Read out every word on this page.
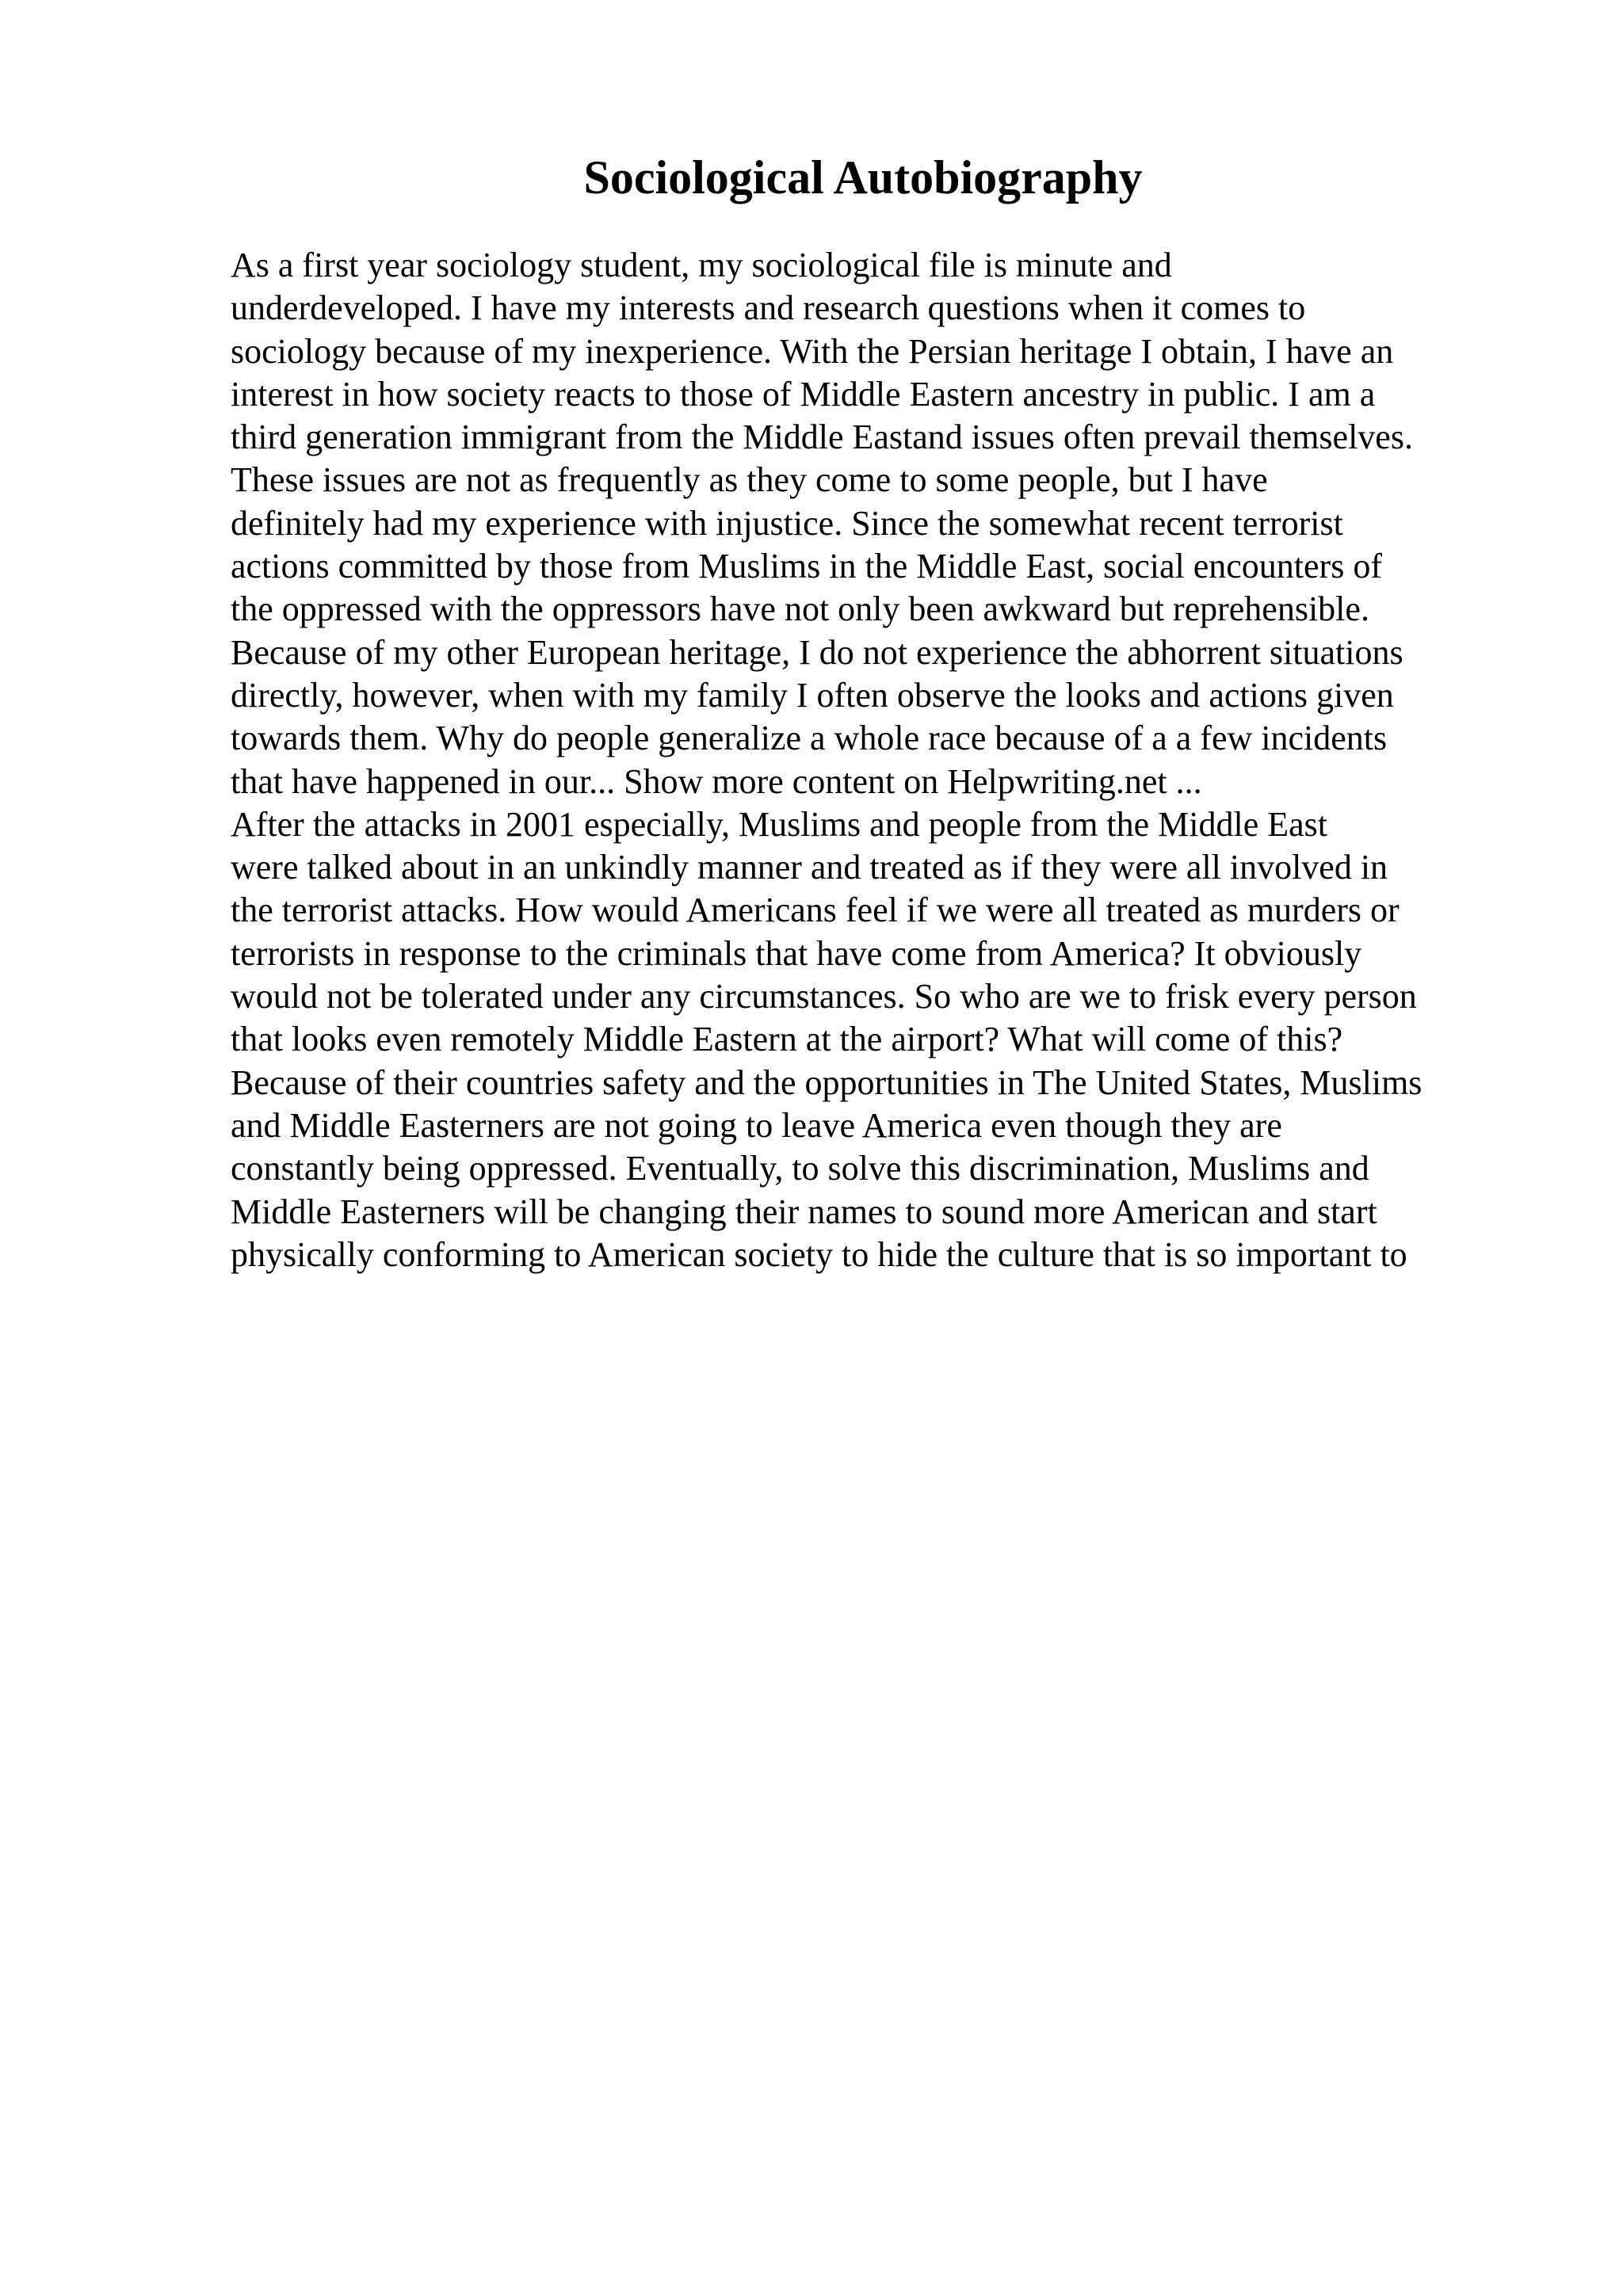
Sociological Autobiography
As a first year sociology student, my sociological file is minute and
underdeveloped. I have my interests and research questions when it comes to
sociology because of my inexperience. With the Persian heritage I obtain, I have an
interest in how society reacts to those of Middle Eastern ancestry in public. I am a
third generation immigrant from the Middle Eastand issues often prevail themselves.
These issues are not as frequently as they come to some people, but I have
definitely had my experience with injustice. Since the somewhat recent terrorist
actions committed by those from Muslims in the Middle East, social encounters of
the oppressed with the oppressors have not only been awkward but reprehensible.
Because of my other European heritage, I do not experience the abhorrent situations
directly, however, when with my family I often observe the looks and actions given
towards them. Why do people generalize a whole race because of a a few incidents
that have happened in our... Show more content on Helpwriting.net ...
After the attacks in 2001 especially, Muslims and people from the Middle East
were talked about in an unkindly manner and treated as if they were all involved in
the terrorist attacks. How would Americans feel if we were all treated as murders or
terrorists in response to the criminals that have come from America? It obviously
would not be tolerated under any circumstances. So who are we to frisk every person
that looks even remotely Middle Eastern at the airport? What will come of this?
Because of their countries safety and the opportunities in The United States, Muslims
and Middle Easterners are not going to leave America even though they are
constantly being oppressed. Eventually, to solve this discrimination, Muslims and
Middle Easterners will be changing their names to sound more American and start
physically conforming to American society to hide the culture that is so important to
